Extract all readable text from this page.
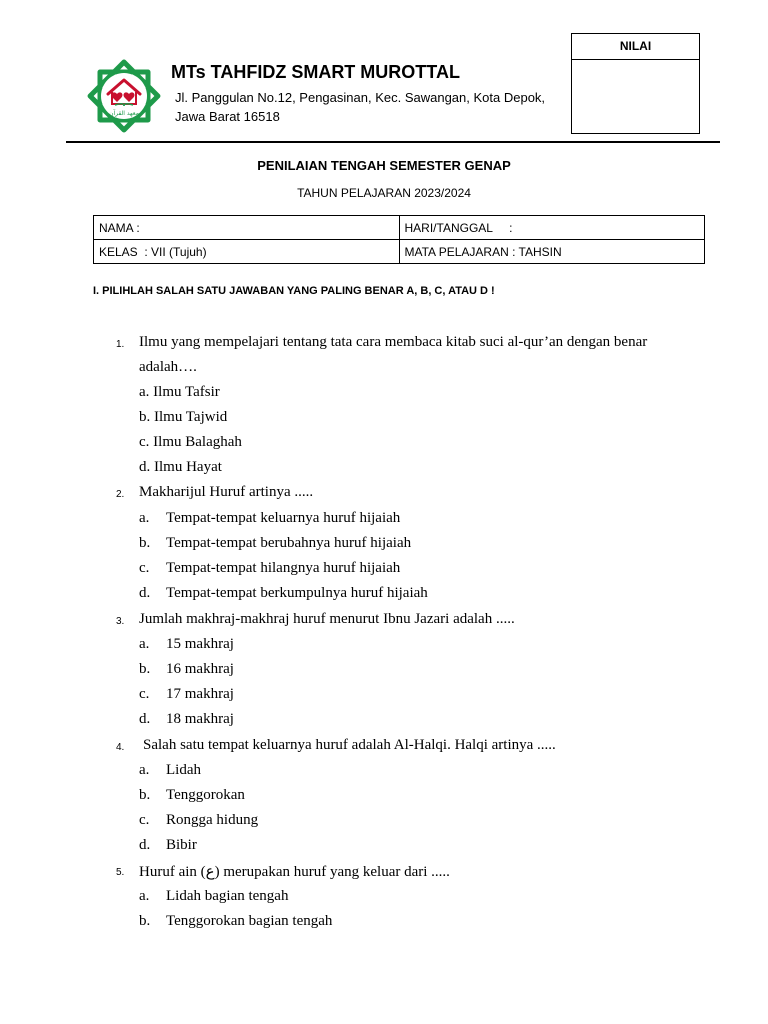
NILAI
معهد القرآن
MTs TAHFIDZ SMART MUROTTAL
Jl. Panggulan No.12, Pengasinan, Kec. Sawangan, Kota Depok,
Jawa Barat 16518
PENILAIAN TENGAH SEMESTER GENAP
TAHUN PELAJARAN 2023/2024
NAMA :	HARI/TANGGAL     :
KELAS  : VII (Tujuh)	MATA PELAJARAN : TAHSIN
I. PILIHLAH SALAH SATU JAWABAN YANG PALING BENAR A, B, C, ATAU D !
1. Ilmu yang mempelajari tentang tata cara membaca kitab suci al-qur’an dengan benar
adalah….
a. Ilmu Tafsir
b. Ilmu Tajwid
c. Ilmu Balaghah
d. Ilmu Hayat
2. Makharijul Huruf artinya .....
a. Tempat-tempat keluarnya huruf hijaiah
b. Tempat-tempat berubahnya huruf hijaiah
c. Tempat-tempat hilangnya huruf hijaiah
d. Tempat-tempat berkumpulnya huruf hijaiah
3. Jumlah makhraj-makhraj huruf menurut Ibnu Jazari adalah .....
a. 15 makhraj
b. 16 makhraj
c. 17 makhraj
d. 18 makhraj
4. Salah satu tempat keluarnya huruf adalah Al-Halqi. Halqi artinya .....
a. Lidah
b. Tenggorokan
c. Rongga hidung
d. Bibir
5. Huruf ain (ع) merupakan huruf yang keluar dari .....
a. Lidah bagian tengah
b. Tenggorokan bagian tengah
